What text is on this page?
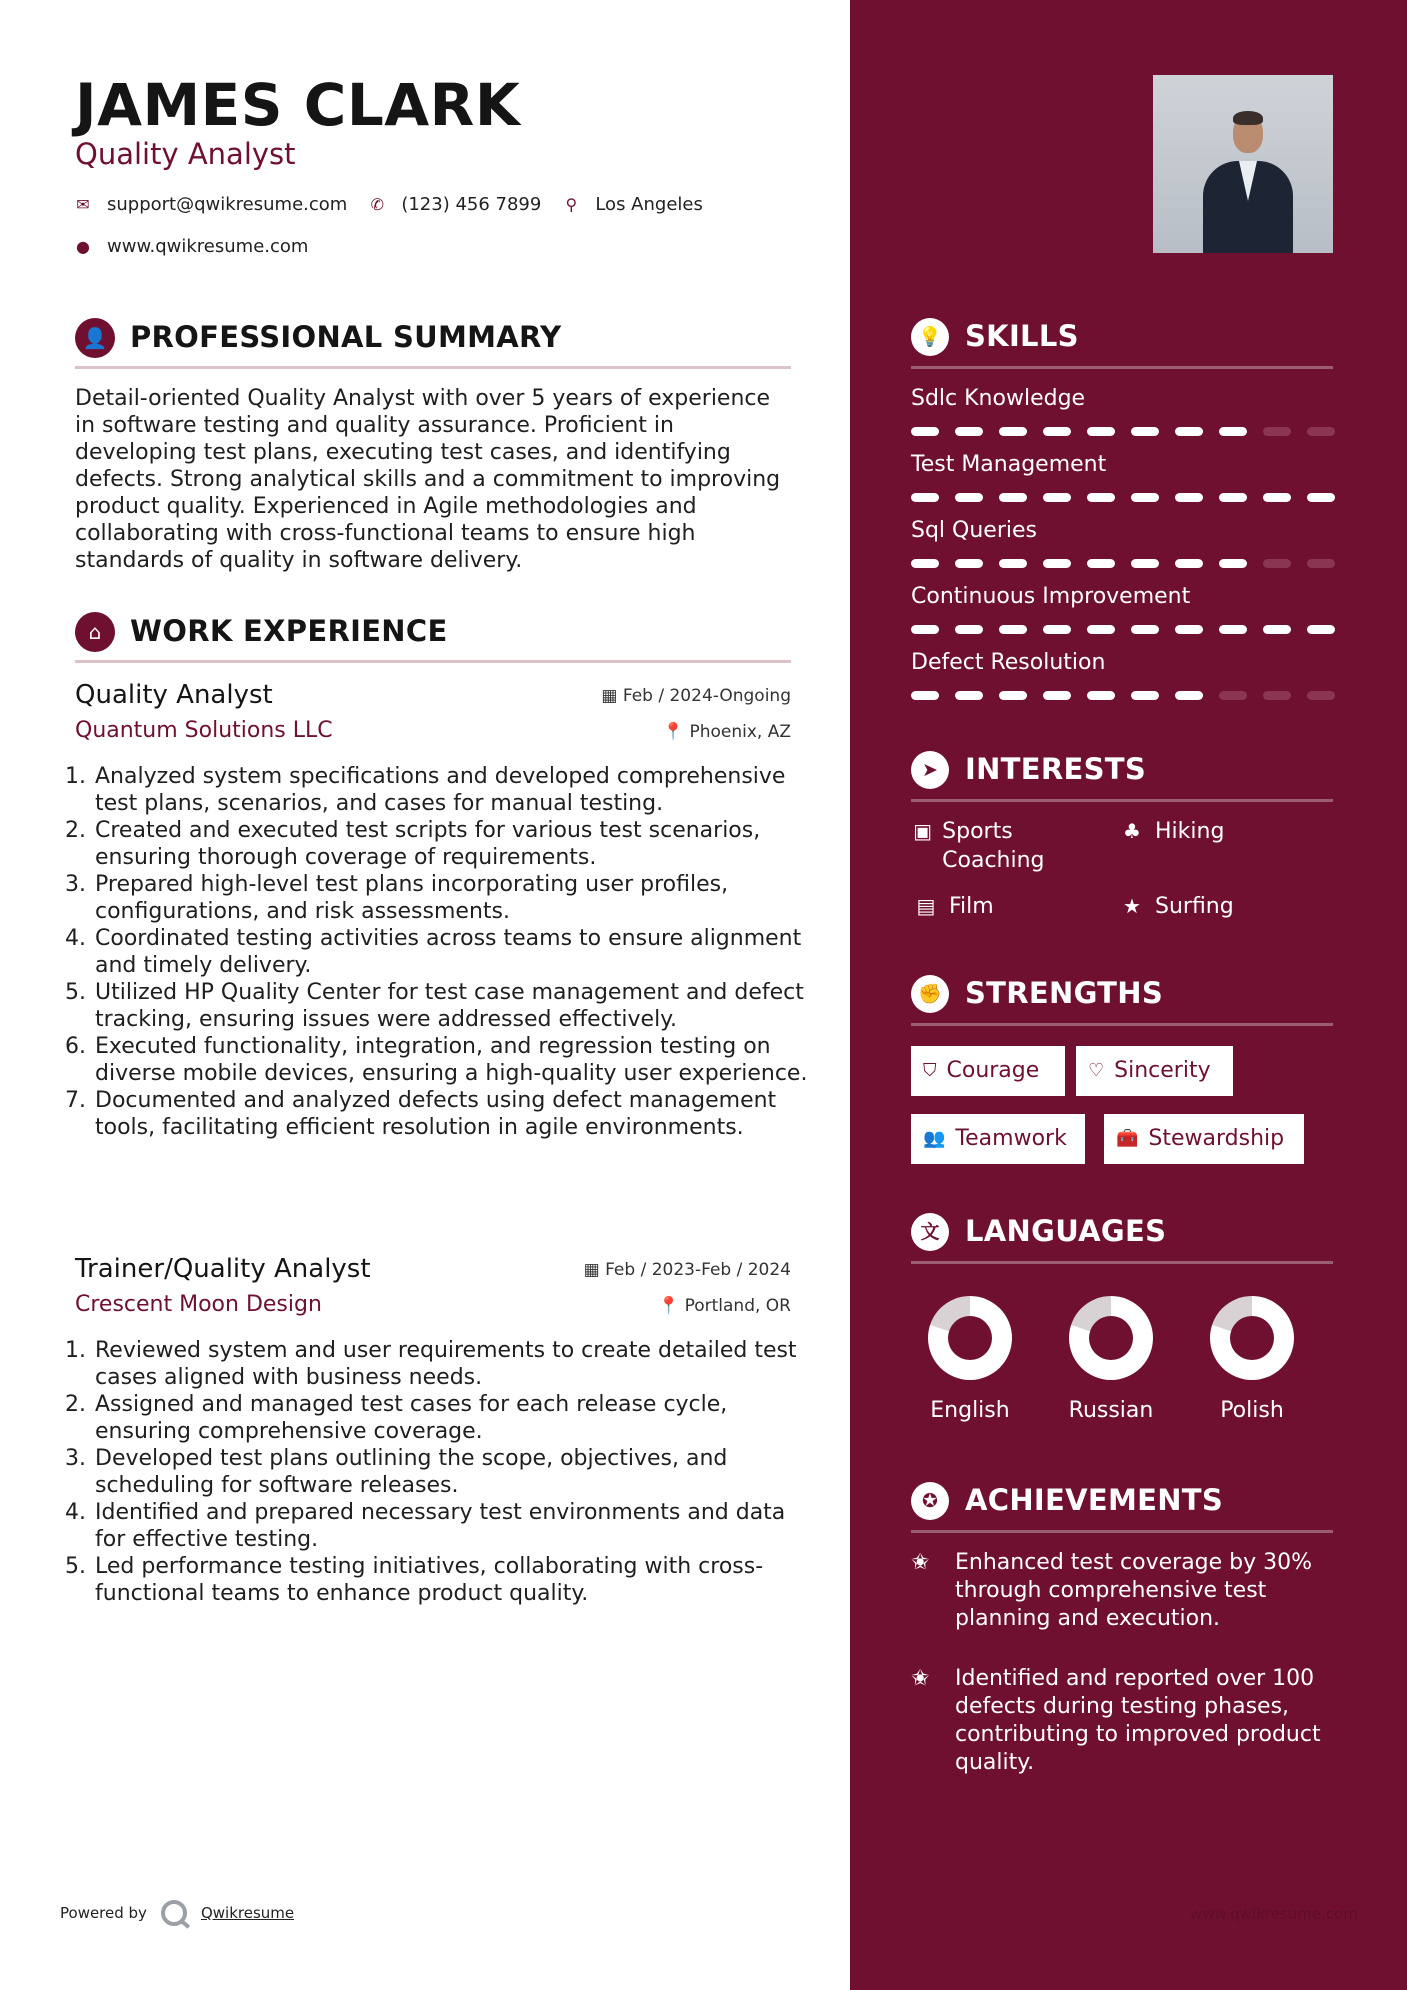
JAMES CLARK
Quality Analyst
✉ support@qwikresume.com ✆ (123) 456 7899 ⚲ Los Angeles
● www.qwikresume.com
👤 PROFESSIONAL SUMMARY
Detail-oriented Quality Analyst with over 5 years of experience in software testing and quality assurance. Proficient in developing test plans, executing test cases, and identifying defects. Strong analytical skills and a commitment to improving product quality. Experienced in Agile methodologies and collaborating with cross-functional teams to ensure high standards of quality in software delivery.
⌂ WORK EXPERIENCE
Quality Analyst	▦ Feb / 2024-Ongoing
Quantum Solutions LLC	📍 Phoenix, AZ
1. Analyzed system specifications and developed comprehensive test plans, scenarios, and cases for manual testing.
2. Created and executed test scripts for various test scenarios, ensuring thorough coverage of requirements.
3. Prepared high-level test plans incorporating user profiles, configurations, and risk assessments.
4. Coordinated testing activities across teams to ensure alignment and timely delivery.
5. Utilized HP Quality Center for test case management and defect tracking, ensuring issues were addressed effectively.
6. Executed functionality, integration, and regression testing on diverse mobile devices, ensuring a high-quality user experience.
7. Documented and analyzed defects using defect management tools, facilitating efficient resolution in agile environments.
Trainer/Quality Analyst	▦ Feb / 2023-Feb / 2024
Crescent Moon Design	📍 Portland, OR
1. Reviewed system and user requirements to create detailed test cases aligned with business needs.
2. Assigned and managed test cases for each release cycle, ensuring comprehensive coverage.
3. Developed test plans outlining the scope, objectives, and scheduling for software releases.
4. Identified and prepared necessary test environments and data for effective testing.
5. Led performance testing initiatives, collaborating with cross-functional teams to enhance product quality.
💡 SKILLS
Sdlc Knowledge
Test Management
Sql Queries
Continuous Improvement
Defect Resolution
➤ INTERESTS
▣ Sports Coaching
♣ Hiking
▤ Film	★ Surfing
✊ STRENGTHS
⛉ Courage	♡ Sincerity
👥 Teamwork	🧰 Stewardship
文 LANGUAGES
English	Russian	Polish
✪ ACHIEVEMENTS
✬	Enhanced test coverage by 30% through comprehensive test planning and execution.
✬	Identified and reported over 100 defects during testing phases, contributing to improved product quality.
Powered by	Qwikresume	www.qwikresume.com
